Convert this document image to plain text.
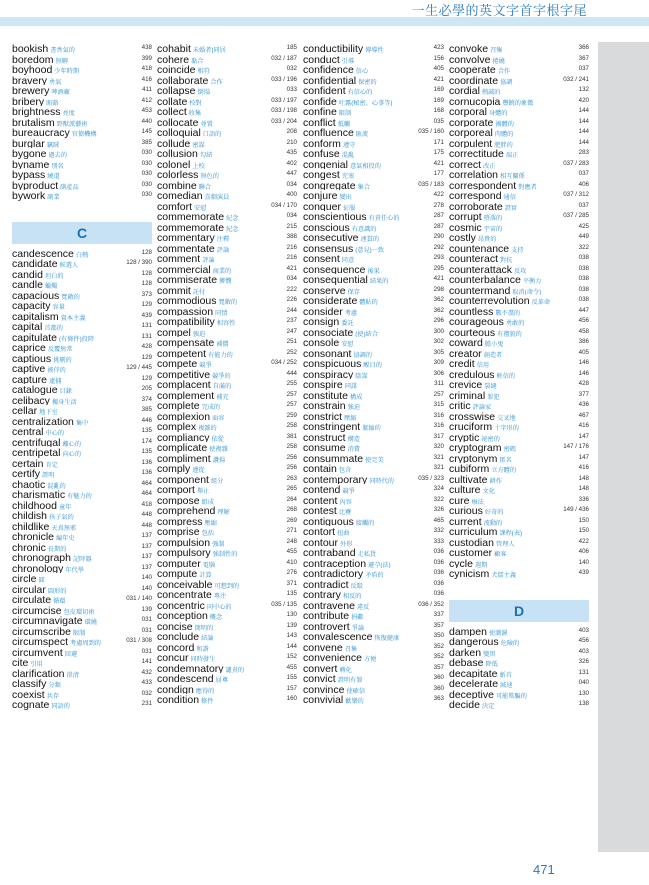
一生必學的英文字首字根字尾
bookish 書香氣的	438
boredom 無聊	399
boyhood 少年時期	418
bravery 勇氣	416
brewery 啤酒廠	411
bribery 賄賂	412
brightness 亮度	453
brutalism 野獸派藝術	440
bureaucracy 官僚機構	145
burglar 竊賊	385
bygone 過去的	030
byname 別名	030
bypass 繞道	030
byproduct 副產品	030
bywork 副業	030
C
candescence 白熱	128
candidate 候選人	128 / 390
candid 坦白的	128
candle 蠟燭	128
capacious 寬敞的	373
capacity 容量	129
capitalism 資本主義	439
capital 首都的	131
capitulate (有條件)投降	131
caprice 反覆無常	428
captious 挑剔的	129
captive 被俘的	129 / 445
capture 逮捕	129
catalogue 目錄	205
celibacy 獨身生活	374
cellar 地下室	385
centralization 集中	446
central 中心的	135
centrifugal 離心的	174
centripetal 向心的	135
certain 肯定	136
certify 證明	136
chaotic 混亂的	464
charismatic 有魅力的	464
childhood 童年	418
childish 孩子氣的	448
childlike 天真無邪	448
chronicle 編年史	137
chronic 長期的	137
chronograph 記時器	137
chronology 年代學	137
circle 圓	140
circular 圓形的	140
circulate 循環	031 / 140
circumcise 包皮環切術	139
circumnavigate 環繞	031
circumscribe 限制	031
circumspect 考慮周到的	031 / 308
circumvent 回避	031
cite 引用	141
clarification 澄清	432
classify 分類	433
coexist 共存	032
cognate 同語的	231
cohabit 未婚者)同居	185
cohere 黏合	032 / 187
coincide 相符	032
collaborate 合作	033 / 196
collapse 倒塌	033
collate 校對	033 / 197
collect 收集	033 / 198
collocate 並置	033 / 204
colloquial 口語的	208
collude 密謀	210
collusion 勾結	435
colonel 上校	402
colorless 無色的	447
combine 聯合	034
comedian 喜劇演員	400
comfort 安慰	034 / 170
commemorate 紀念	034
commemorate 紀念	215
commentary 注釋	388
commentate 評論	216
comment 評論	216
commercial 商業的	421
commiserate 憐憫	034
commit 託付	222
commodious 寬敞的	226
compassion 同情	244
compatibility 相容性	237
compel 強迫	247
compensate 補償	251
competent 有能力的	252
compete 競爭	034 / 252
competitive 競爭的	444
complacent 自滿的	255
complement 補充	257
complete 完成的	257
complexion 面容	259
complex 複雜的	258
compliancy 依從	381
complicate 使複雜	258
compliment 讚揚	256
comply 遵從	256
component 組分	263
comport 舉止	265
compose 組成	264
comprehend 理解	268
compress 壓縮	269
comprise 包括	271
compulsion 強制	248
compulsory 強制性的	455
computer 電腦	410
compute 計算	276
conceivable 可想到的	371
concentrate 專注	135
concentric 同中心的	035 / 135
conception 概念	130
concise 簡明的	139
conclude 結論	143
concord 和諧	144
concur 同時發生	152
condemnatory 譴責的	455
condescend 屈尊	155
condign 應得的	157
condition 條件	160
conductibility 傳導性	423
conduct 引導	156
confidence 信心	405
confidential 保密的	421
confident 有信心的	169
confide 吐露(秘密、心事等)	169
confine 限制	168
conflict 抵觸	035
confluence 匯流	035 / 160
conform 遵守	171
confuse 混亂	175
congenial 意氣相投的	421
congest 充塞	177
congregate 集合	035 / 183
conjure 變出	422
conquer 征服	278
conscientious 有責任心的	287
conscious 有意識的	287
consecutive 連貫的	290
consensus (意見)一致	292
consent 同意	293
consequence 後果	295
consequential 結果的	421
conserve 保存	298
considerate 體貼的	362
consider 考慮	362
consign 委託	296
consociate (使)結合	300
console 安慰	302
consonant 協調的	305
conspicuous 醒目的	309
conspiracy 陰謀	306
conspire 同謀	311
constitute 構成	257
constrain 強迫	315
constrict 壓縮	316
constringent 緊縮的	316
construct 構造	317
consume 消費	320
consummate 使完美	321
contain 包含	321
contemporary 同時代的	035 / 323
contend 競爭	324
content 內容	322
contest 比賽	326
contiguous 接觸的	465
contort 扭曲	332
contour 外形	333
contraband 走私貨	036
contraception 避孕(法)	036
contradictory 矛盾的	036
contradict 反駁	036
contrary 相反的	036
contravene 違反	036 / 352
contribute 捐獻	337
controvert 爭論	357
convalescence 恢復健康	350
convene 召集	352
convenience 方便	352
convert 轉化	357
convict 證明有罪	360
convince 使確信	360
convivial 歡樂的	363
convoke 召集	366
convolve 捲繞	367
cooperate 合作	037
coordinate 協調	032 / 241
cordial 熱誠的	132
cornucopia 豐饒的象徵	420
corporal 身體的	144
corporate 團體的	144
corporeal 肉體的	144
corpulent 肥胖的	144
correctitude 端正	283
correct 改正	037 / 283
correlation 相互關係	037
correspondent 對應者	406
correspond 通信	037 / 312
corroborate 證實	037
corrupt 墮落的	037 / 285
cosmic 宇宙的	425
costly 昂貴的	449
countenance 支持	322
counteract 對抗	038
counterattack 反攻	038
counterbalance 平衡力	038
countermand 取消(命令)	038
counterrevolution 反革命	038
countless 數不盡的	447
courageous 勇敢的	456
courteous 有禮貌的	458
coward 膽小鬼	386
creator 創造者	405
credit 信用	146
credulous 輕信的	146
crevice 裂縫	428
criminal 罪犯	377
critic 評論家	436
crosswise 交叉地	467
cruciform 十字形的	416
cryptic 祕密的	147
cryptogram 密碼	147 / 176
cryptonym 匿名	147
cubiform 立方體的	416
cultivate 耕作	148
culture 文化	148
cure 療法	336
curious 好奇的	149 / 436
current 流動的	150
curriculum 課程(表)	150
custodian 管理人	422
customer 顧客	406
cycle 週期	140
cynicism 犬儒主義	439
D
dampen 使潮濕	403
dangerous 危險的	456
darken 變黑	403
debase 降低	326
decapitate 斬首	131
decelerate 減速	040
deceptive 可能欺騙的	130
decide 決定	138
471
